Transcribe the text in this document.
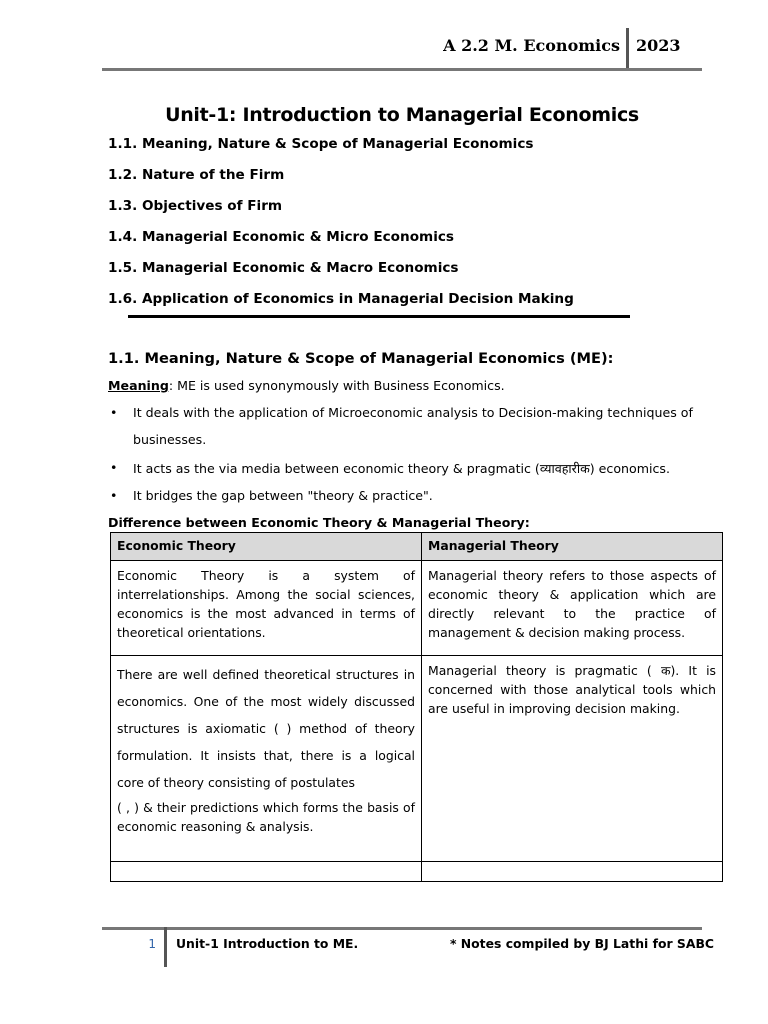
A 2.2 M. Economics 2023
Unit-1: Introduction to Managerial Economics
1.1. Meaning, Nature & Scope of Managerial Economics
1.2. Nature of the Firm
1.3. Objectives of Firm
1.4. Managerial Economic & Micro Economics
1.5. Managerial Economic & Macro Economics
1.6. Application of Economics in Managerial Decision Making
1.1. Meaning, Nature & Scope of Managerial Economics (ME):
Meaning: ME is used synonymously with Business Economics.
• It deals with the application of Microeconomic analysis to Decision-making techniques of
businesses.
• It acts as the via media between economic theory & pragmatic (व्यावहारीक) economics.
• It bridges the gap between "theory & practice".
Difference between Economic Theory & Managerial Theory:
Economic Theory	Managerial Theory

Economic Theory is a system of interrelationships. Among the social sciences, economics is the most advanced in terms of theoretical orientations.	Managerial theory refers to those aspects of economic theory & application which are directly relevant to the practice of management & decision making process.

There are well defined theoretical structures in economics. One of the most widely discussed structures is axiomatic ( ) method of theory formulation. It insists that, there is a logical core of theory consisting of postulates

( , ) & their predictions which forms the basis of economic reasoning & analysis.	Managerial theory is pragmatic ( क). It is concerned with those analytical tools which are useful in improving decision making.

1 Unit-1 Introduction to ME.	* Notes compiled by BJ Lathi for SABC
